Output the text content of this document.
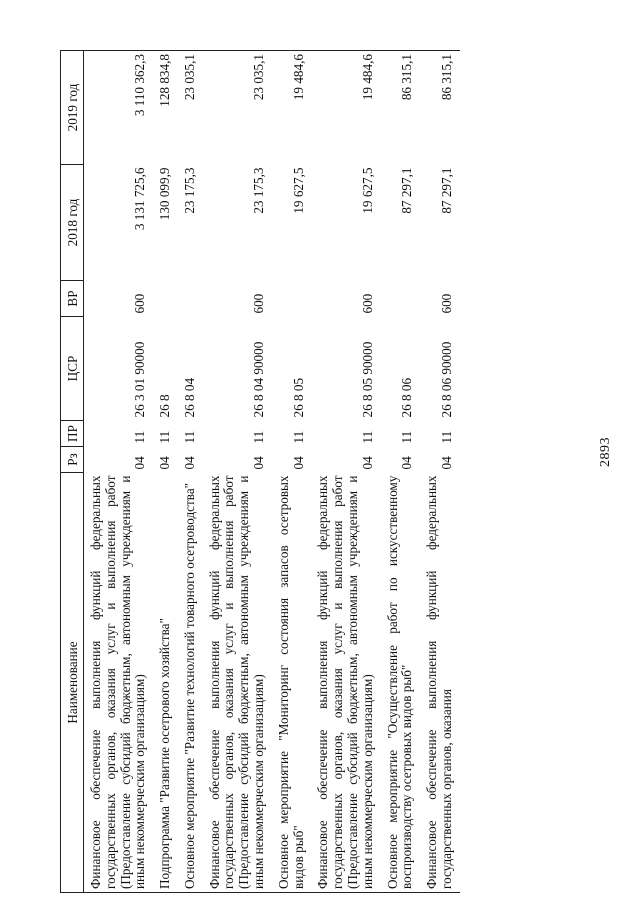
2893
Наименование	Рз	ПР	ЦСР	ВР	2018 год	2019 год
Финансовое обеспечение выполнения функций федеральных государственных органов, оказания услуг и выполнения работ (Предоставление субсидий бюджетным, автономным учреждениям и иным некоммерческим организациям)	04	11	26 3 01 90000	600	3 131 725,6	3 110 362,3
Подпрограмма "Развитие осетрового хозяйства"	04	11	26 8		130 099,9	128 834,8
Основное мероприятие "Развитие технологий товарного осетроводства"	04	11	26 8 04		23 175,3	23 035,1
Финансовое обеспечение выполнения функций федеральных государственных органов, оказания услуг и выполнения работ (Предоставление субсидий бюджетным, автономным учреждениям и иным некоммерческим организациям)	04	11	26 8 04 90000	600	23 175,3	23 035,1
Основное мероприятие "Мониторинг состояния запасов осетровых видов рыб"	04	11	26 8 05		19 627,5	19 484,6
Финансовое обеспечение выполнения функций федеральных государственных органов, оказания услуг и выполнения работ (Предоставление субсидий бюджетным, автономным учреждениям и иным некоммерческим организациям)	04	11	26 8 05 90000	600	19 627,5	19 484,6
Основное мероприятие "Осуществление работ по искусственному воспроизводству осетровых видов рыб"	04	11	26 8 06		87 297,1	86 315,1
Финансовое обеспечение выполнения функций федеральных государственных органов, оказания	04	11	26 8 06 90000	600	87 297,1	86 315,1
